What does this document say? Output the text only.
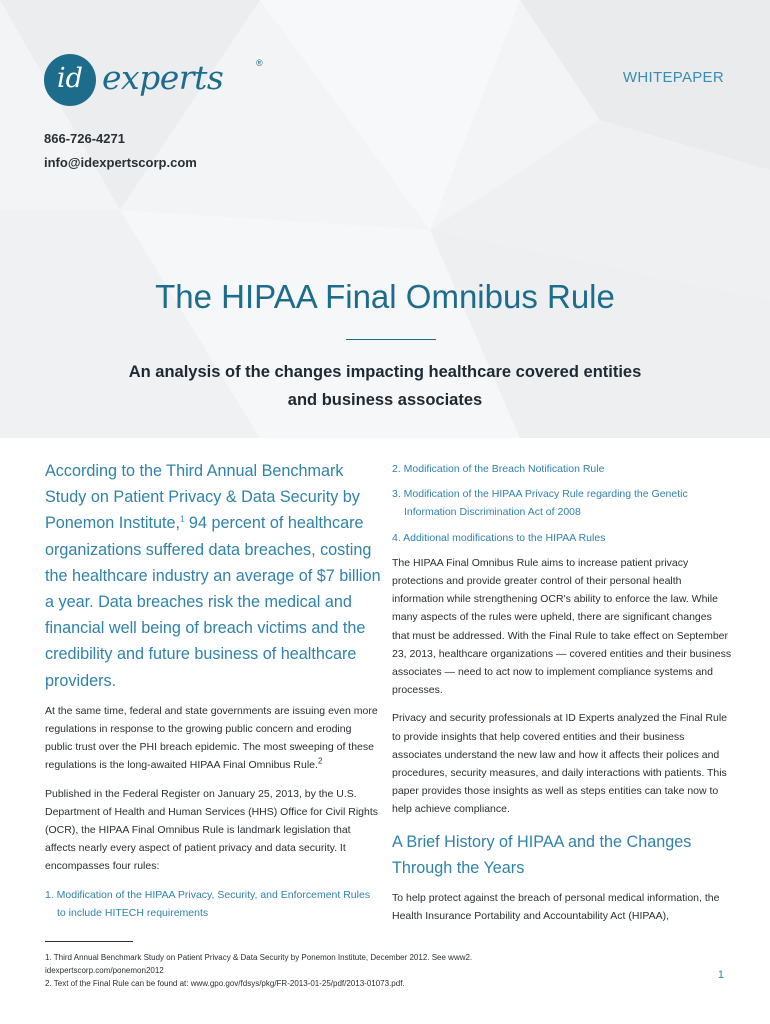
id experts	®
WHITEPAPER
866-726-4271
info@idexpertscorp.com
The HIPAA Final Omnibus Rule

An analysis of the changes impacting healthcare covered entities
and business associates

According to the Third Annual Benchmark Study on Patient Privacy & Data Security by Ponemon Institute,$^1$ 94 percent of healthcare organizations suffered data breaches, costing the healthcare industry an average of $7 billion a year. Data breaches risk the medical and financial well being of breach victims and the credibility and future business of healthcare providers.

At the same time, federal and state governments are issuing even more regulations in response to the growing public concern and eroding public trust over the PHI breach epidemic. The most sweeping of these regulations is the long-awaited HIPAA Final Omnibus Rule.$^2$

Published in the Federal Register on January 25, 2013, by the U.S. Department of Health and Human Services (HHS) Office for Civil Rights (OCR), the HIPAA Final Omnibus Rule is landmark legislation that affects nearly every aspect of patient privacy and data security. It encompasses four rules:

1. Modification of the HIPAA Privacy, Security, and Enforcement Rules to include HITECH requirements
2. Modification of the Breach Notification Rule
3. Modification of the HIPAA Privacy Rule regarding the Genetic Information Discrimination Act of 2008
4. Additional modifications to the HIPAA Rules

The HIPAA Final Omnibus Rule aims to increase patient privacy protections and provide greater control of their personal health information while strengthening OCR's ability to enforce the law. While many aspects of the rules were upheld, there are significant changes that must be addressed. With the Final Rule to take effect on September 23, 2013, healthcare organizations — covered entities and their business associates — need to act now to implement compliance systems and processes.

Privacy and security professionals at ID Experts analyzed the Final Rule to provide insights that help covered entities and their business associates understand the new law and how it affects their polices and procedures, security measures, and daily interactions with patients. This paper provides those insights as well as steps entities can take now to help achieve compliance.

A Brief History of HIPAA and the Changes Through the Years

To help protect against the breach of personal medical information, the Health Insurance Portability and Accountability Act (HIPAA),

1. Third Annual Benchmark Study on Patient Privacy & Data Security by Ponemon Institute, December 2012. See www2.
idexpertscorp.com/ponemon2012
2. Text of the Final Rule can be found at: www.gpo.gov/fdsys/pkg/FR-2013-01-25/pdf/2013-01073.pdf.
1
